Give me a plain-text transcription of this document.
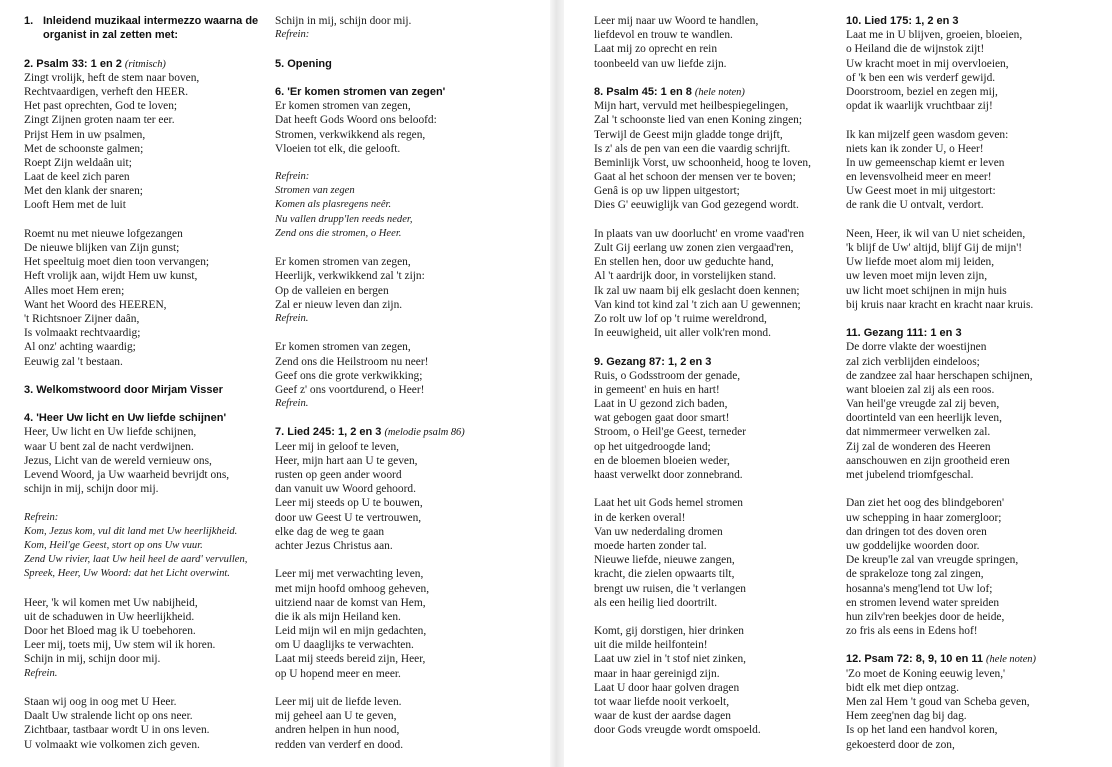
1. Inleidend muzikaal intermezzo waarna de
organist in zal zetten met:
2. Psalm 33: 1 en 2 (ritmisch)
Zingt vrolijk, heft de stem naar boven,
Rechtvaardigen, verheft den HEER.
Het past oprechten, God te loven;
Zingt Zijnen groten naam ter eer.
Prijst Hem in uw psalmen,
Met de schoonste galmen;
Roept Zijn weldaân uit;
Laat de keel zich paren
Met den klank der snaren;
Looft Hem met de luit
Roemt nu met nieuwe lofgezangen
De nieuwe blijken van Zijn gunst;
Het speeltuig moet dien toon vervangen;
Heft vrolijk aan, wijdt Hem uw kunst,
Alles moet Hem eren;
Want het Woord des HEEREN,
't Richtsnoer Zijner daân,
Is volmaakt rechtvaardig;
Al onz' achting waardig;
Eeuwig zal 't bestaan.
3. Welkomstwoord door Mirjam Visser
4. 'Heer Uw licht en Uw liefde schijnen'
Heer, Uw licht en Uw liefde schijnen,
waar U bent zal de nacht verdwijnen.
Jezus, Licht van de wereld vernieuw ons,
Levend Woord, ja Uw waarheid bevrijdt ons,
schijn in mij, schijn door mij.
Refrein:
Kom, Jezus kom, vul dit land met Uw heerlijkheid.
Kom, Heil'ge Geest, stort op ons Uw vuur.
Zend Uw rivier, laat Uw heil heel de aard' vervullen,
Spreek, Heer, Uw Woord: dat het Licht overwint.
Heer, 'k wil komen met Uw nabijheid,
uit de schaduwen in Uw heerlijkheid.
Door het Bloed mag ik U toebehoren.
Leer mij, toets mij, Uw stem wil ik horen.
Schijn in mij, schijn door mij.
Refrein.
Staan wij oog in oog met U Heer.
Daalt Uw stralende licht op ons neer.
Zichtbaar, tastbaar wordt U in ons leven.
U volmaakt wie volkomen zich geven.
Schijn in mij, schijn door mij.
Refrein:
5. Opening
6. 'Er komen stromen van zegen'
Er komen stromen van zegen,
Dat heeft Gods Woord ons beloofd:
Stromen, verkwikkend als regen,
Vloeien tot elk, die gelooft.
Refrein:
Stromen van zegen
Komen als plasregens neêr.
Nu vallen drupp'len reeds neder,
Zend ons die stromen, o Heer.
Er komen stromen van zegen,
Heerlijk, verkwikkend zal 't zijn:
Op de valleien en bergen
Zal er nieuw leven dan zijn.
Refrein.
Er komen stromen van zegen,
Zend ons die Heilstroom nu neer!
Geef ons die grote verkwikking;
Geef z' ons voortdurend, o Heer!
Refrein.
7. Lied 245: 1, 2 en 3 (melodie psalm 86)
Leer mij in geloof te leven,
Heer, mijn hart aan U te geven,
rusten op geen ander woord
dan vanuit uw Woord gehoord.
Leer mij steeds op U te bouwen,
door uw Geest U te vertrouwen,
elke dag de weg te gaan
achter Jezus Christus aan.
Leer mij met verwachting leven,
met mijn hoofd omhoog geheven,
uitziend naar de komst van Hem,
die ik als mijn Heiland ken.
Leid mijn wil en mijn gedachten,
om U daaglijks te verwachten.
Laat mij steeds bereid zijn, Heer,
op U hopend meer en meer.
Leer mij uit de liefde leven.
mij geheel aan U te geven,
andren helpen in hun nood,
redden van verderf en dood.
Leer mij naar uw Woord te handlen,
liefdevol en trouw te wandlen.
Laat mij zo oprecht en rein
toonbeeld van uw liefde zijn.
8. Psalm 45: 1 en 8 (hele noten)
Mijn hart, vervuld met heilbespiegelingen,
Zal 't schoonste lied van enen Koning zingen;
Terwijl de Geest mijn gladde tonge drijft,
Is z' als de pen van een die vaardig schrijft.
Beminlijk Vorst, uw schoonheid, hoog te loven,
Gaat al het schoon der mensen ver te boven;
Genâ is op uw lippen uitgestort;
Dies G' eeuwiglijk van God gezegend wordt.
In plaats van uw doorlucht' en vrome vaad'ren
Zult Gij eerlang uw zonen zien vergaad'ren,
En stellen hen, door uw geduchte hand,
Al 't aardrijk door, in vorstelijken stand.
Ik zal uw naam bij elk geslacht doen kennen;
Van kind tot kind zal 't zich aan U gewennen;
Zo rolt uw lof op 't ruime wereldrond,
In eeuwigheid, uit aller volk'ren mond.
9. Gezang 87: 1, 2 en 3
Ruis, o Godsstroom der genade,
in gemeent' en huis en hart!
Laat in U gezond zich baden,
wat gebogen gaat door smart!
Stroom, o Heil'ge Geest, terneder
op het uitgedroogde land;
en de bloemen bloeien weder,
haast verwelkt door zonnebrand.
Laat het uit Gods hemel stromen
in de kerken overal!
Van uw nederdaling dromen
moede harten zonder tal.
Nieuwe liefde, nieuwe zangen,
kracht, die zielen opwaarts tilt,
brengt uw ruisen, die 't verlangen
als een heilig lied doortrilt.
Komt, gij dorstigen, hier drinken
uit die milde heilfontein!
Laat uw ziel in 't stof niet zinken,
maar in haar gereinigd zijn.
Laat U door haar golven dragen
tot waar liefde nooit verkoelt,
waar de kust der aardse dagen
door Gods vreugde wordt omspoeld.
10. Lied 175: 1, 2 en 3
Laat me in U blijven, groeien, bloeien,
o Heiland die de wijnstok zijt!
Uw kracht moet in mij overvloeien,
of 'k ben een wis verderf gewijd.
Doorstroom, beziel en zegen mij,
opdat ik waarlijk vruchtbaar zij!
Ik kan mijzelf geen wasdom geven:
niets kan ik zonder U, o Heer!
In uw gemeenschap kiemt er leven
en levensvolheid meer en meer!
Uw Geest moet in mij uitgestort:
de rank die U ontvalt, verdort.
Neen, Heer, ik wil van U niet scheiden,
'k blijf de Uw' altijd, blijf Gij de mijn'!
Uw liefde moet alom mij leiden,
uw leven moet mijn leven zijn,
uw licht moet schijnen in mijn huis
bij kruis naar kracht en kracht naar kruis.
11. Gezang 111: 1 en 3
De dorre vlakte der woestijnen
zal zich verblijden eindeloos;
de zandzee zal haar herschapen schijnen,
want bloeien zal zij als een roos.
Van heil'ge vreugde zal zij beven,
doortinteld van een heerlijk leven,
dat nimmermeer verwelken zal.
Zij zal de wonderen des Heeren
aanschouwen en zijn grootheid eren
met jubelend triomfgeschal.
Dan ziet het oog des blindgeboren'
uw schepping in haar zomergloor;
dan dringen tot des doven oren
uw goddelijke woorden door.
De kreup'le zal van vreugde springen,
de sprakeloze tong zal zingen,
hosanna's meng'lend tot Uw lof;
en stromen levend water spreiden
hun zilv'ren beekjes door de heide,
zo fris als eens in Edens hof!
12. Psam 72: 8, 9, 10 en 11 (hele noten)
'Zo moet de Koning eeuwig leven,'
bidt elk met diep ontzag.
Men zal Hem 't goud van Scheba geven,
Hem zeeg'nen dag bij dag.
Is op het land een handvol koren,
gekoesterd door de zon,
